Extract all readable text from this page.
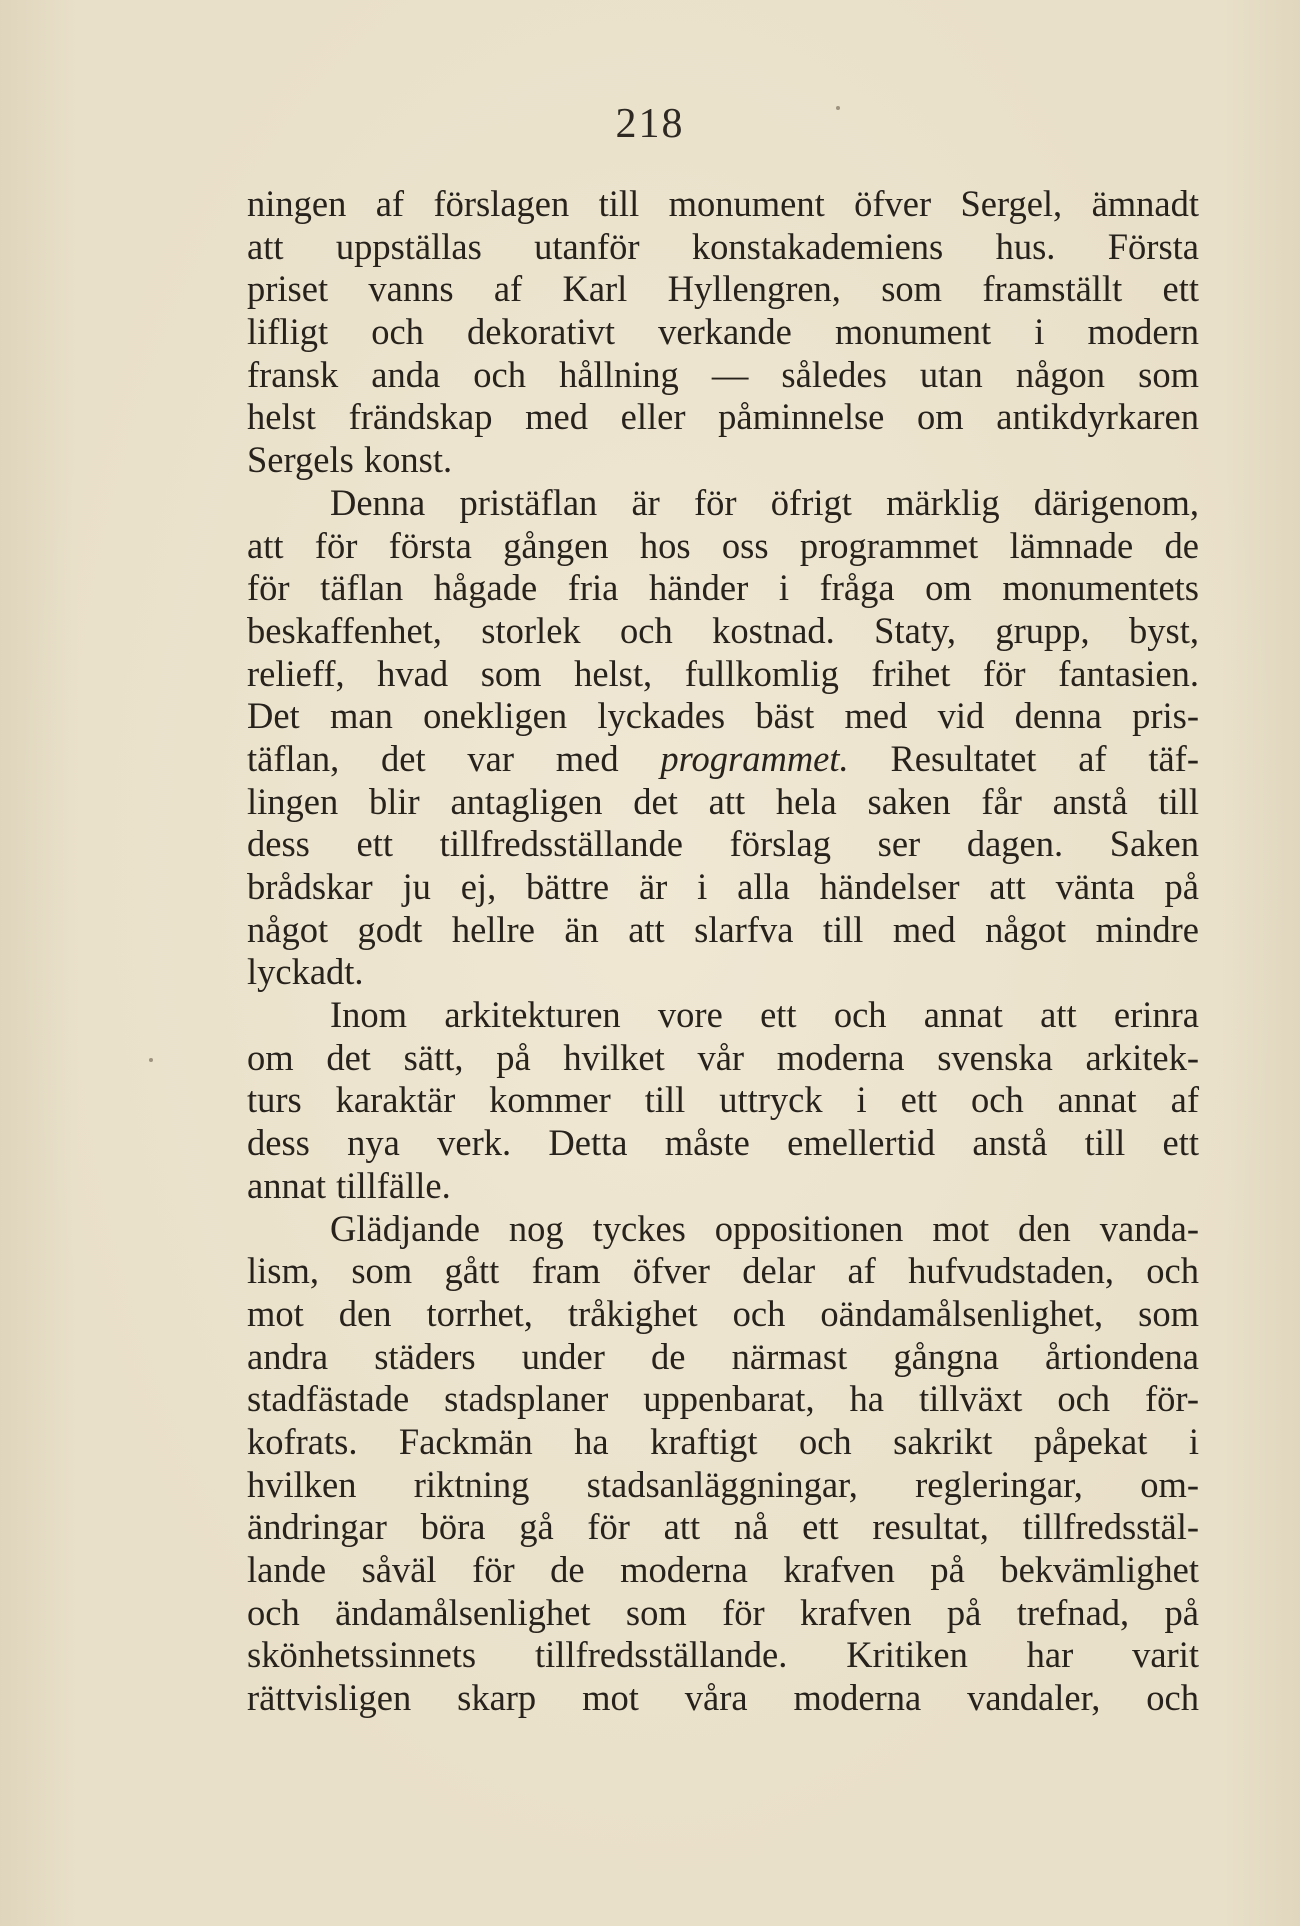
218
ningen af förslagen till monument öfver Sergel, ämnadt
att uppställas utanför konstakademiens hus. Första
priset vanns af Karl Hyllengren, som framställt ett
lifligt och dekorativt verkande monument i modern
fransk anda och hållning — således utan någon som
helst frändskap med eller påminnelse om antikdyrkaren
Sergels konst.
Denna pristäflan är för öfrigt märklig därigenom,
att för första gången hos oss programmet lämnade de
för täflan hågade fria händer i fråga om monumentets
beskaffenhet, storlek och kostnad. Staty, grupp, byst,
relieff, hvad som helst, fullkomlig frihet för fantasien.
Det man onekligen lyckades bäst med vid denna pris-
täflan, det var med programmet. Resultatet af täf-
lingen blir antagligen det att hela saken får anstå till
dess ett tillfredsställande förslag ser dagen. Saken
brådskar ju ej, bättre är i alla händelser att vänta på
något godt hellre än att slarfva till med något mindre
lyckadt.
Inom arkitekturen vore ett och annat att erinra
om det sätt, på hvilket vår moderna svenska arkitek-
turs karaktär kommer till uttryck i ett och annat af
dess nya verk. Detta måste emellertid anstå till ett
annat tillfälle.
Glädjande nog tyckes oppositionen mot den vanda-
lism, som gått fram öfver delar af hufvudstaden, och
mot den torrhet, tråkighet och oändamålsenlighet, som
andra städers under de närmast gångna årtiondena
stadfästade stadsplaner uppenbarat, ha tillväxt och för-
kofrats. Fackmän ha kraftigt och sakrikt påpekat i
hvilken riktning stadsanläggningar, regleringar, om-
ändringar böra gå för att nå ett resultat, tillfredsstäl-
lande såväl för de moderna krafven på bekvämlighet
och ändamålsenlighet som för krafven på trefnad, på
skönhetssinnets tillfredsställande. Kritiken har varit
rättvisligen skarp mot våra moderna vandaler, och
